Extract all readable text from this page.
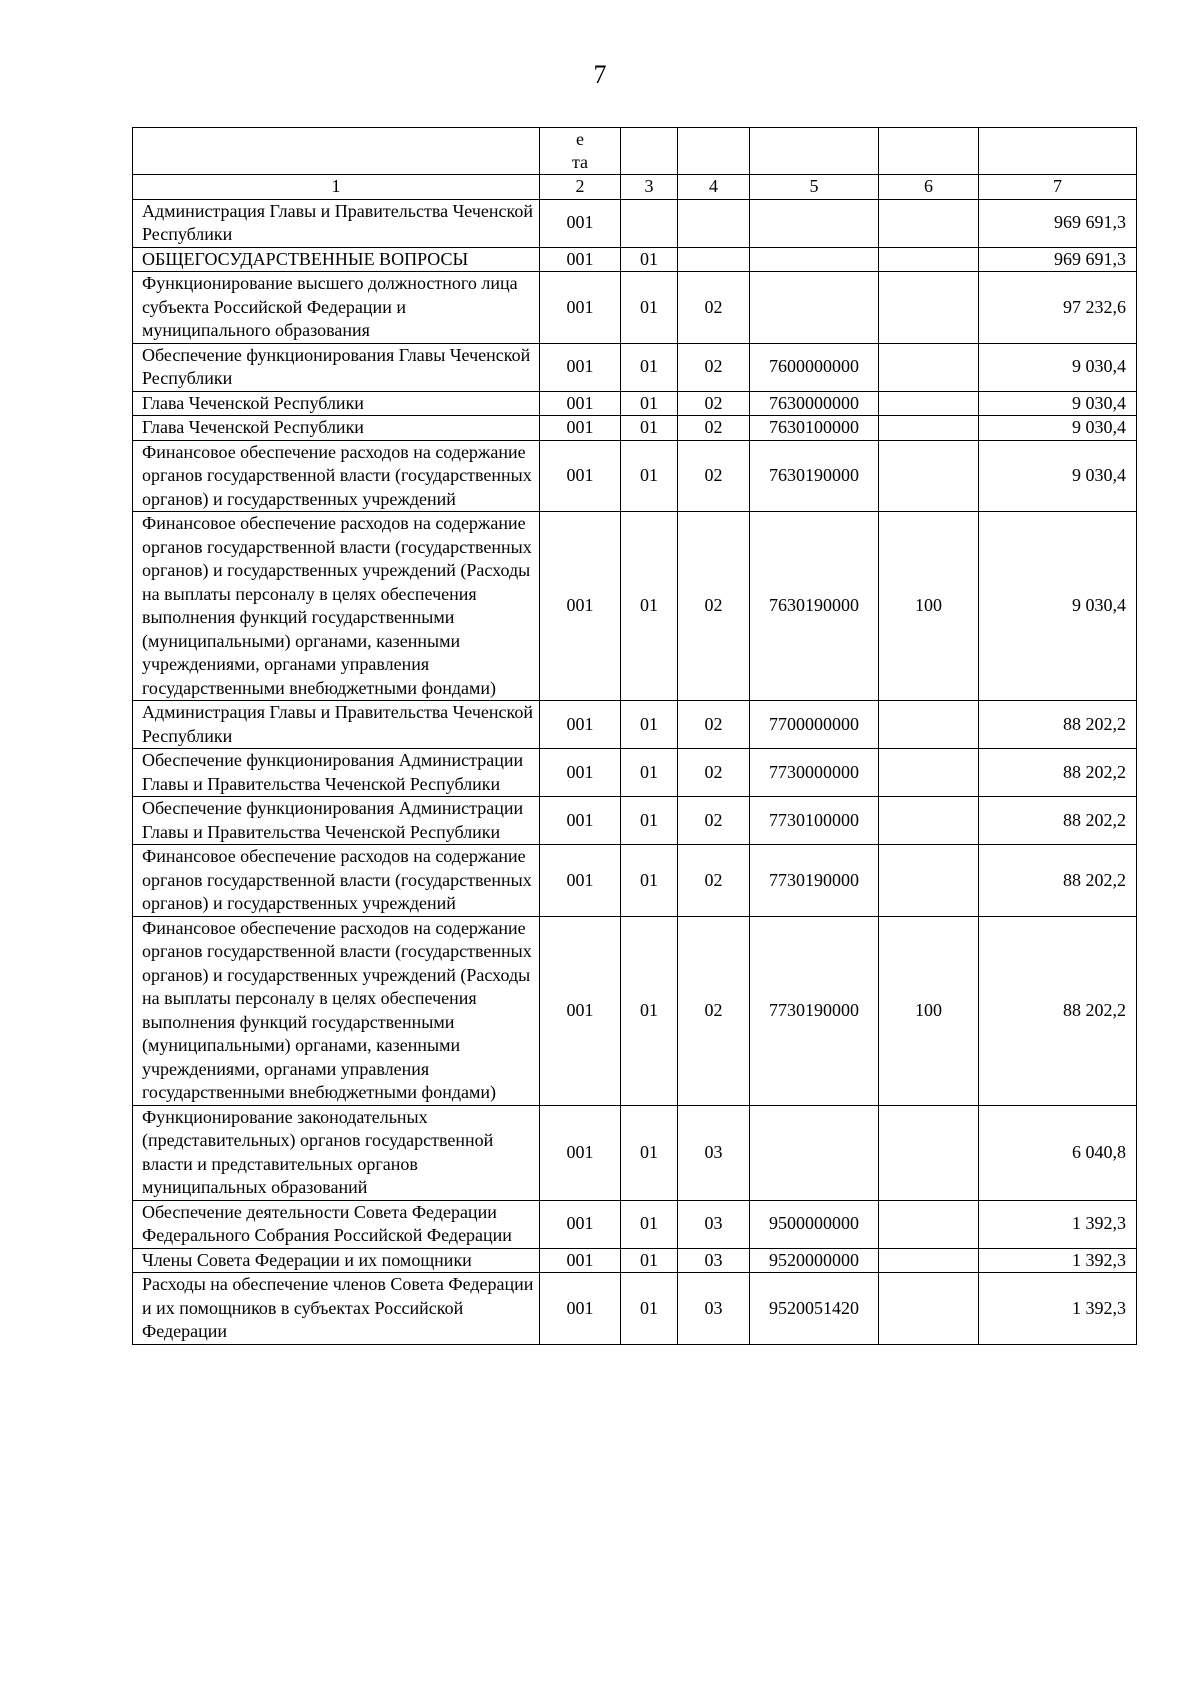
7

	е
та					

1	2	3	4	5	6	7
Администрация Главы и Правительства Чеченской Республики	001					969 691,3
ОБЩЕГОСУДАРСТВЕННЫЕ ВОПРОСЫ	001	01				969 691,3
Функционирование высшего должностного лица субъекта Российской Федерации и муниципального образования	001	01	02			97 232,6
Обеспечение функционирования Главы Чеченской Республики	001	01	02	7600000000		9 030,4
Глава Чеченской Республики	001	01	02	7630000000		9 030,4
Глава Чеченской Республики	001	01	02	7630100000		9 030,4
Финансовое обеспечение расходов на содержание органов государственной власти (государственных органов) и государственных учреждений	001	01	02	7630190000		9 030,4
Финансовое обеспечение расходов на содержание органов государственной власти (государственных органов) и государственных учреждений (Расходы на выплаты персоналу в целях обеспечения выполнения функций государственными (муниципальными) органами, казенными учреждениями, органами управления государственными внебюджетными фондами)	001	01	02	7630190000	100	9 030,4
Администрация Главы и Правительства Чеченской Республики	001	01	02	7700000000		88 202,2
Обеспечение функционирования Администрации Главы и Правительства Чеченской Республики	001	01	02	7730000000		88 202,2
Обеспечение функционирования Администрации Главы и Правительства Чеченской Республики	001	01	02	7730100000		88 202,2
Финансовое обеспечение расходов на содержание органов государственной власти (государственных органов) и государственных учреждений	001	01	02	7730190000		88 202,2
Финансовое обеспечение расходов на содержание органов государственной власти (государственных органов) и государственных учреждений (Расходы на выплаты персоналу в целях обеспечения выполнения функций государственными (муниципальными) органами, казенными учреждениями, органами управления государственными внебюджетными фондами)	001	01	02	7730190000	100	88 202,2
Функционирование законодательных (представительных) органов государственной власти и представительных органов муниципальных образований	001	01	03			6 040,8
Обеспечение деятельности Совета Федерации Федерального Собрания Российской Федерации	001	01	03	9500000000		1 392,3
Члены Совета Федерации и их помощники	001	01	03	9520000000		1 392,3
Расходы на обеспечение членов Совета Федерации и их помощников в субъектах Российской Федерации	001	01	03	9520051420		1 392,3
